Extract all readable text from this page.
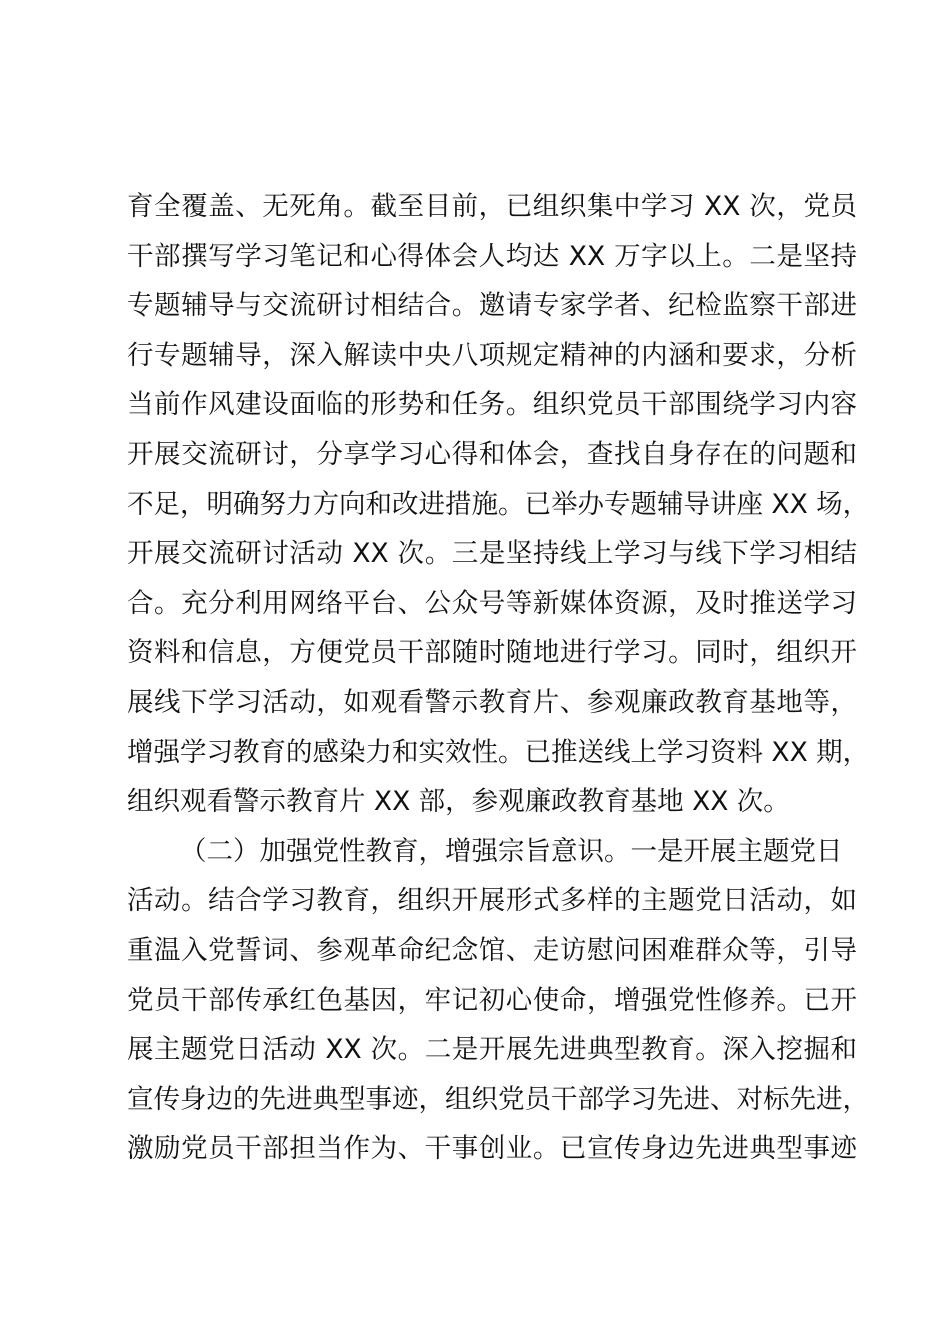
育全覆盖、无死角。截至目前，已组织集中学习 XX 次，党员
干部撰写学习笔记和心得体会人均达 XX 万字以上。二是坚持
专题辅导与交流研讨相结合。邀请专家学者、纪检监察干部进
行专题辅导，深入解读中央八项规定精神的内涵和要求，分析
当前作风建设面临的形势和任务。组织党员干部围绕学习内容
开展交流研讨，分享学习心得和体会，查找自身存在的问题和
不足，明确努力方向和改进措施。已举办专题辅导讲座 XX 场，
开展交流研讨活动 XX 次。三是坚持线上学习与线下学习相结
合。充分利用网络平台、公众号等新媒体资源，及时推送学习
资料和信息，方便党员干部随时随地进行学习。同时，组织开
展线下学习活动，如观看警示教育片、参观廉政教育基地等，
增强学习教育的感染力和实效性。已推送线上学习资料 XX 期，
组织观看警示教育片 XX 部，参观廉政教育基地 XX 次。
（二）加强党性教育，增强宗旨意识。一是开展主题党日
活动。结合学习教育，组织开展形式多样的主题党日活动，如
重温入党誓词、参观革命纪念馆、走访慰问困难群众等，引导
党员干部传承红色基因，牢记初心使命，增强党性修养。已开
展主题党日活动 XX 次。二是开展先进典型教育。深入挖掘和
宣传身边的先进典型事迹，组织党员干部学习先进、对标先进，
激励党员干部担当作为、干事创业。已宣传身边先进典型事迹
